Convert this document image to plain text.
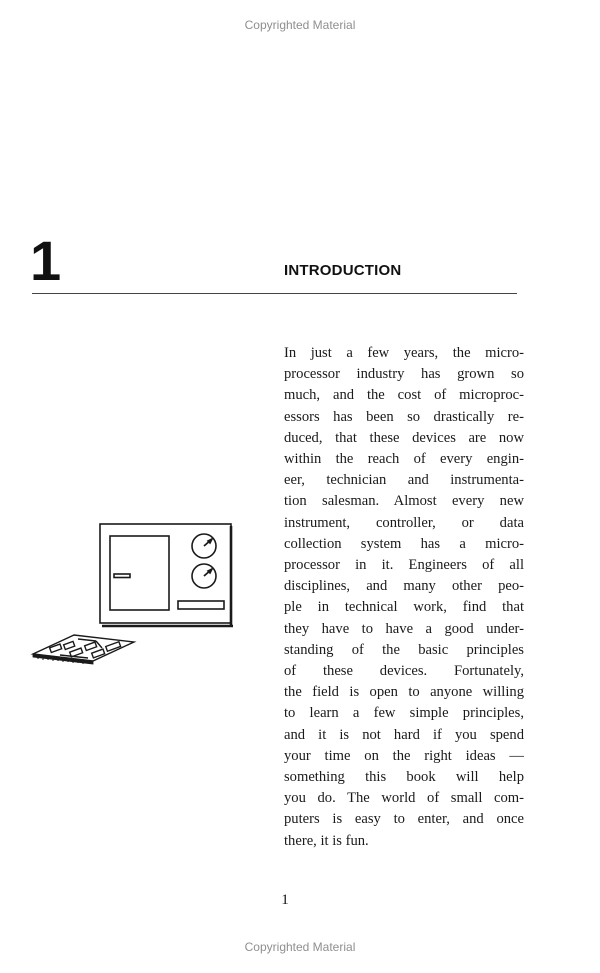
Copyrighted Material
1	INTRODUCTION
In just a few years, the micro-
processor industry has grown so
much, and the cost of microproc-
essors has been so drastically re-
duced, that these devices are now
within the reach of every engin-
eer, technician and instrumenta-
tion salesman. Almost every new
instrument, controller, or data
collection system has a micro-
processor in it. Engineers of all
disciplines, and many other peo-
ple in technical work, find that
they have to have a good under-
standing of the basic principles
of these devices. Fortunately,
the field is open to anyone willing
to learn a few simple principles,
and it is not hard if you spend
your time on the right ideas —
something this book will help
you do. The world of small com-
puters is easy to enter, and once
there, it is fun.
1
Copyrighted Material
